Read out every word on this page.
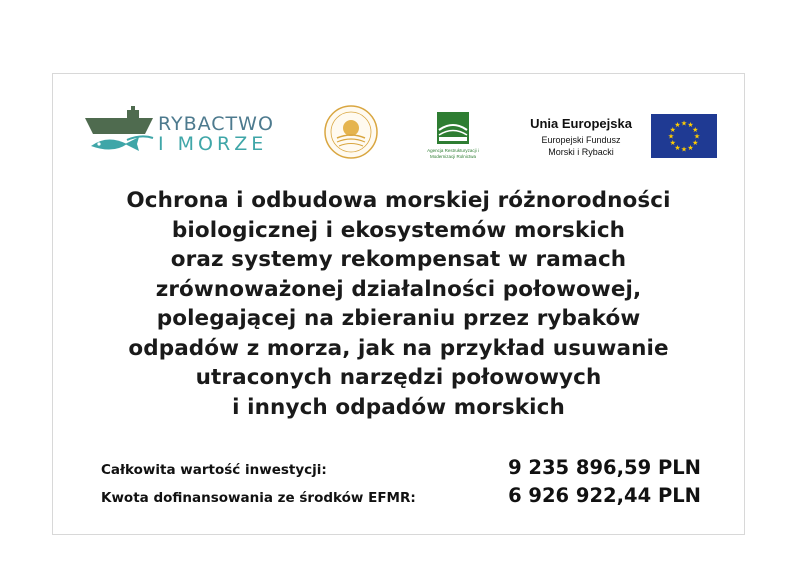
RYBACTWO
I MORZE	Agencja Restrukturyzacji i Modernizacji Rolnictwa
Unia Europejska
Europejski Fundusz
Morski i Rybacki
★ ★
★
★
★
★
★
★
★
★
★
★
Ochrona i odbudowa morskiej różnorodności
biologicznej i ekosystemów morskich
oraz systemy rekompensat w ramach
zrównoważonej działalności połowowej,
polegającej na zbieraniu przez rybaków
odpadów z morza, jak na przykład usuwanie
utraconych narzędzi połowowych
i innych odpadów morskich
Całkowita wartość inwestycji:	9 235 896,59 PLN
Kwota dofinansowania ze środków EFMR:	6 926 922,44 PLN
